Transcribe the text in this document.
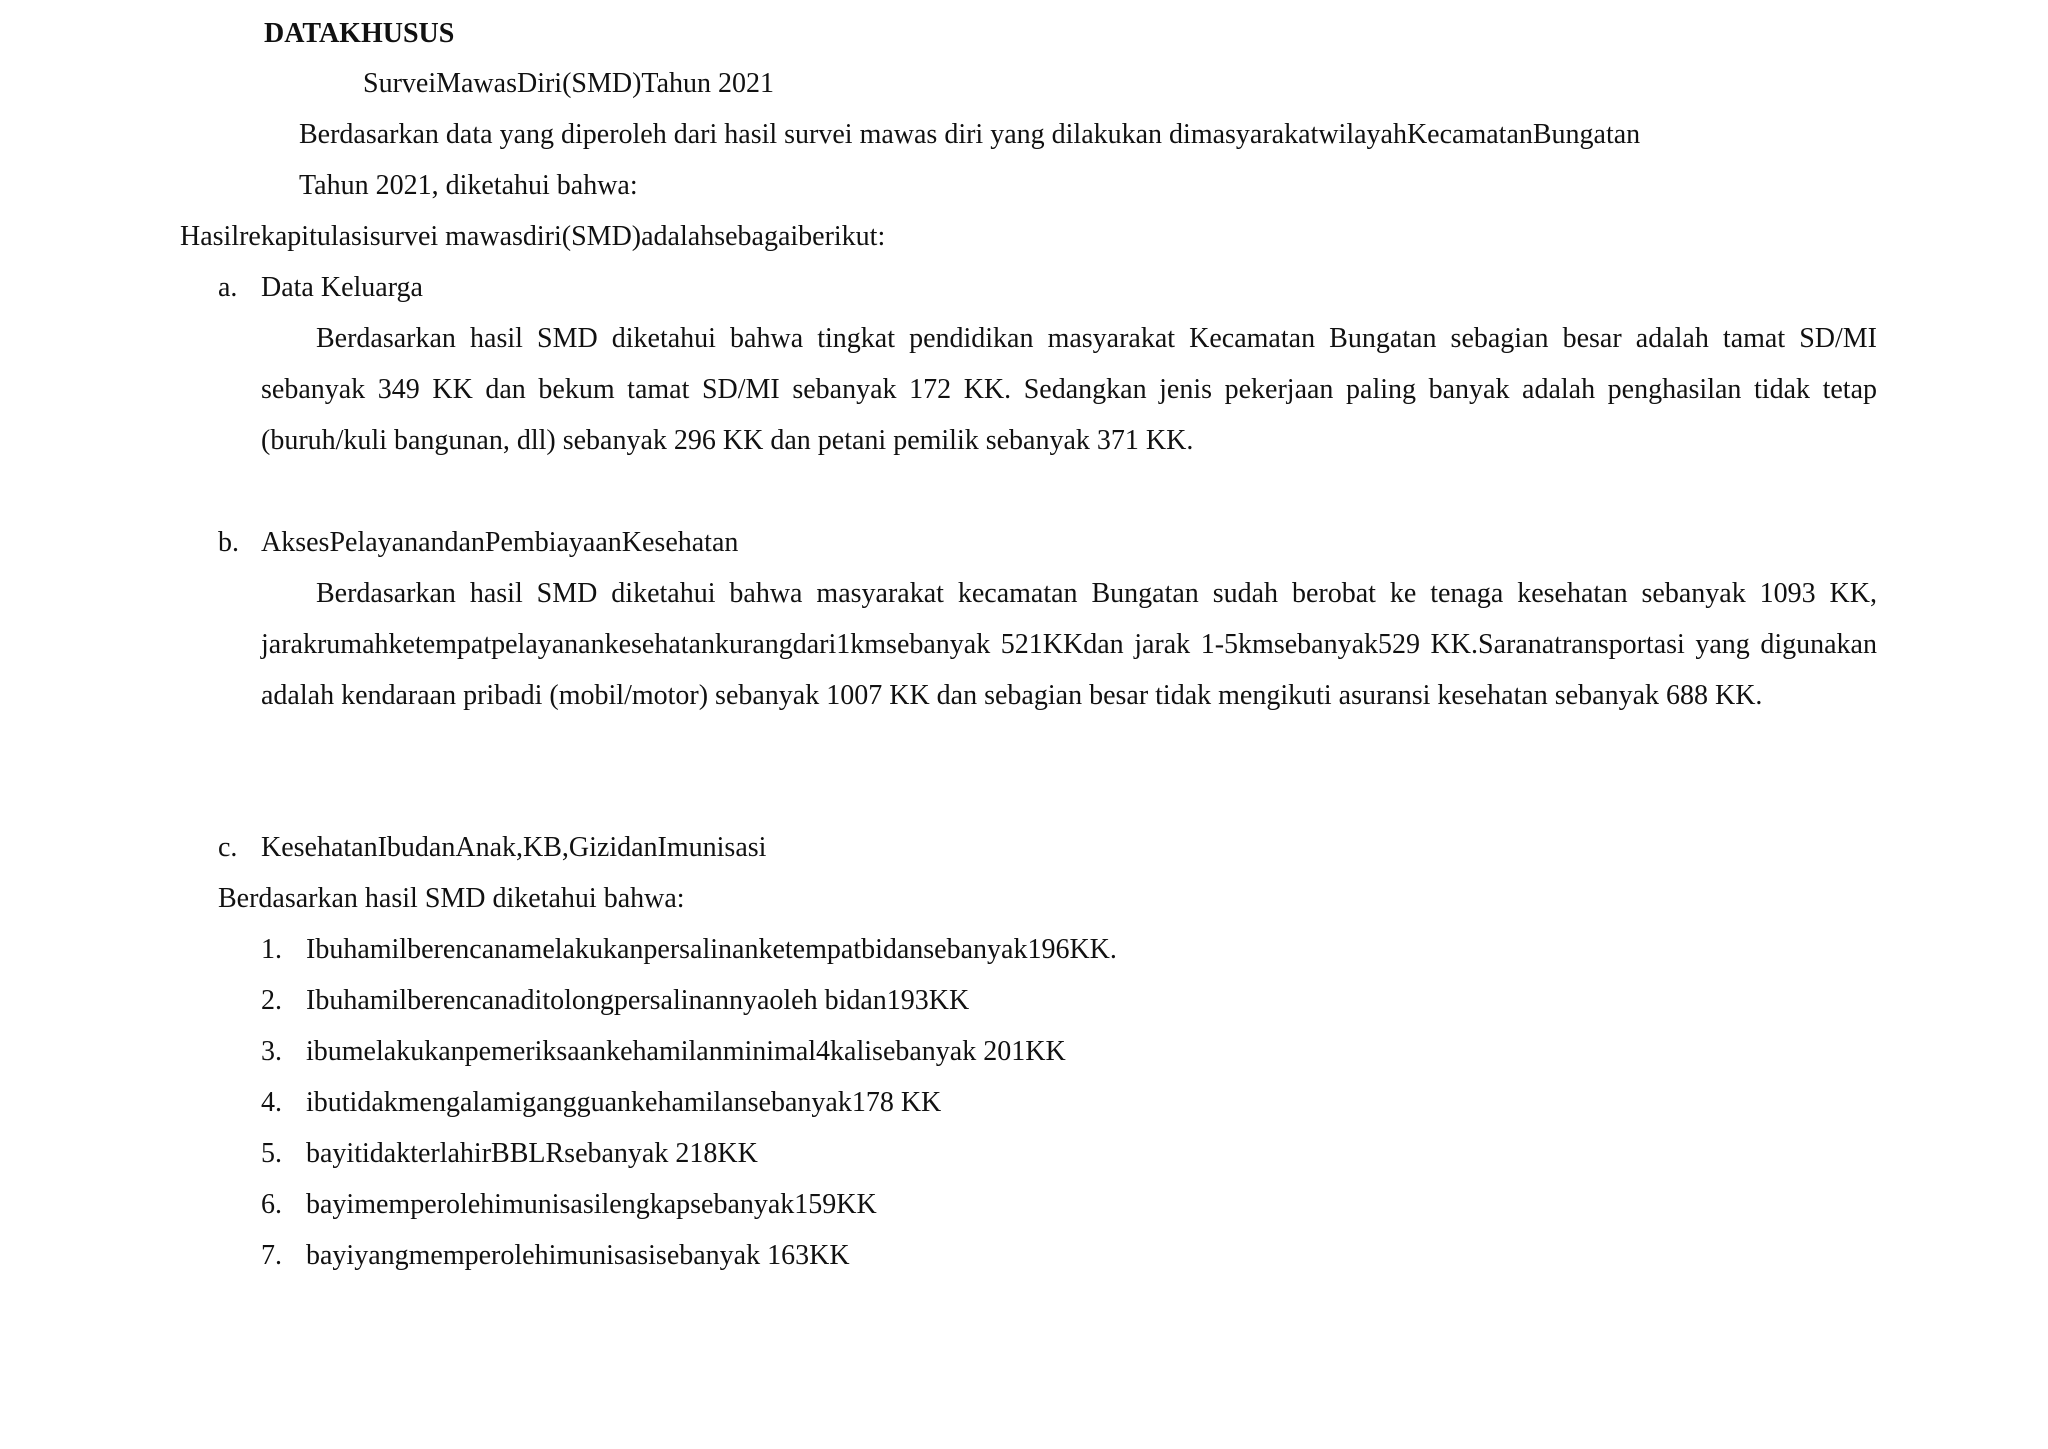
DATAKHUSUS
SurveiMawasDiri(SMD)Tahun 2021
Berdasarkan data yang diperoleh dari hasil survei mawas diri yang dilakukan dimasyarakatwilayahKecamatanBungatan
Tahun 2021, diketahui bahwa:
Hasilrekapitulasisurvei mawasdiri(SMD)adalahsebagaiberikut:
a. Data Keluarga
Berdasarkan hasil SMD diketahui bahwa tingkat pendidikan masyarakat Kecamatan Bungatan sebagian besar adalah tamat SD/MI sebanyak 349 KK dan bekum tamat SD/MI sebanyak 172 KK. Sedangkan jenis pekerjaan paling banyak adalah penghasilan tidak tetap (buruh/kuli bangunan, dll) sebanyak 296 KK dan petani pemilik sebanyak 371 KK.
b. AksesPelayanandanPembiayaanKesehatan
Berdasarkan hasil SMD diketahui bahwa masyarakat kecamatan Bungatan sudah berobat ke tenaga kesehatan sebanyak 1093 KK, jarakrumahketempatpelayanankesehatankurangdari1kmsebanyak 521KKdan jarak 1-5kmsebanyak529 KK.Saranatransportasi yang digunakan adalah kendaraan pribadi (mobil/motor) sebanyak 1007 KK dan sebagian besar tidak mengikuti asuransi kesehatan sebanyak 688 KK.
c. KesehatanIbudanAnak,KB,GizidanImunisasi
Berdasarkan hasil SMD diketahui bahwa:
1. Ibuhamilberencanamelakukanpersalinanketempatbidansebanyak196KK.
2. Ibuhamilberencanaditolongpersalinannyaoleh bidan193KK
3. ibumelakukanpemeriksaankehamilanminimal4kalisebanyak 201KK
4. ibutidakmengalamigangguankehamilansebanyak178 KK
5. bayitidakterlahirBBLRsebanyak 218KK
6. bayimemperolehimunisasilengkapsebanyak159KK
7. bayiyangmemperolehimunisasisebanyak 163KK
